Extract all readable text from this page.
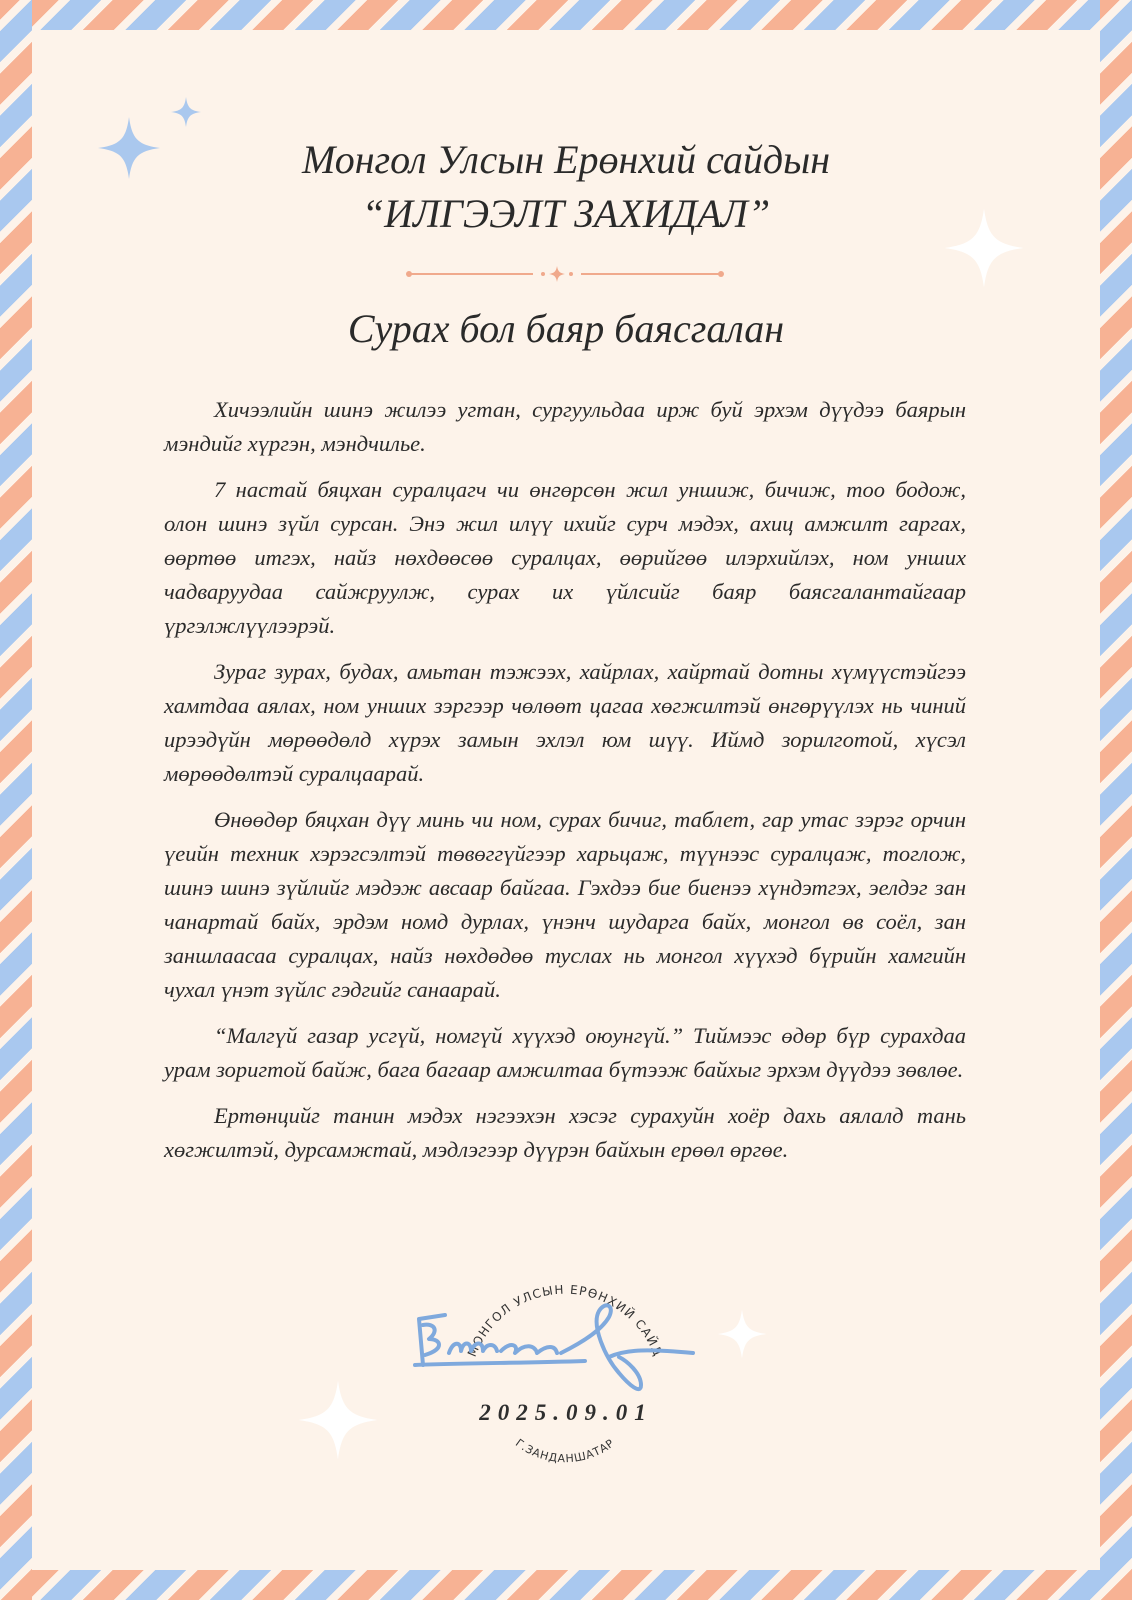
Монгол Улсын Ерөнхий сайдын
“ИЛГЭЭЛТ ЗАХИДАЛ”
Сурах бол баяр баясгалан

Хичээлийн шинэ жилээ угтан, сургуульдаа ирж буй эрхэм дүүдээ баярын мэндийг хүргэн, мэндчилье.

7 настай бяцхан суралцагч чи өнгөрсөн жил уншиж, бичиж, тоо бодож, олон шинэ зүйл сурсан. Энэ жил илүү ихийг сурч мэдэх, ахиц амжилт гаргах, өөртөө итгэх, найз нөхдөөсөө суралцах, өөрийгөө илэрхийлэх, ном унших чадваруудаа сайжруулж, сурах их үйлсийг баяр баясгалантайгаар үргэлжлүүлээрэй.

Зураг зурах, будах, амьтан тэжээх, хайрлах, хайртай дотны хүмүүстэйгээ хамтдаа аялах, ном унших зэргээр чөлөөт цагаа хөгжилтэй өнгөрүүлэх нь чиний ирээдүйн мөрөөдөлд хүрэх замын эхлэл юм шүү. Иймд зорилготой, хүсэл мөрөөдөлтэй суралцаарай.

Өнөөдөр бяцхан дүү минь чи ном, сурах бичиг, таблет, гар утас зэрэг орчин үеийн техник хэрэгсэлтэй төвөггүйгээр харьцаж, түүнээс суралцаж, тоглож, шинэ шинэ зүйлийг мэдэж авсаар байгаа. Гэхдээ бие биенээ хүндэтгэх, эелдэг зан чанартай байх, эрдэм номд дурлах, үнэнч шударга байх, монгол өв соёл, зан заншлаасаа суралцах, найз нөхдөдөө туслах нь монгол хүүхэд бүрийн хамгийн чухал үнэт зүйлс гэдгийг санаарай.

“Малгүй газар усгүй, номгүй хүүхэд оюунгүй.” Тиймээс өдөр бүр сурахдаа урам зоригтой байж, бага багаар амжилтаа бүтээж байхыг эрхэм дүүдээ зөвлөе.

Ертөнцийг танин мэдэх нэгээхэн хэсэг сурахуйн хоёр дахь аялалд тань хөгжилтэй, дурсамжтай, мэдлэгээр дүүрэн байхын ерөөл өргөе.

МОНГОЛ УЛСЫН ЕРӨНХИЙ САЙД
Г.ЗАНДАНШАТАР
2025.09.01
